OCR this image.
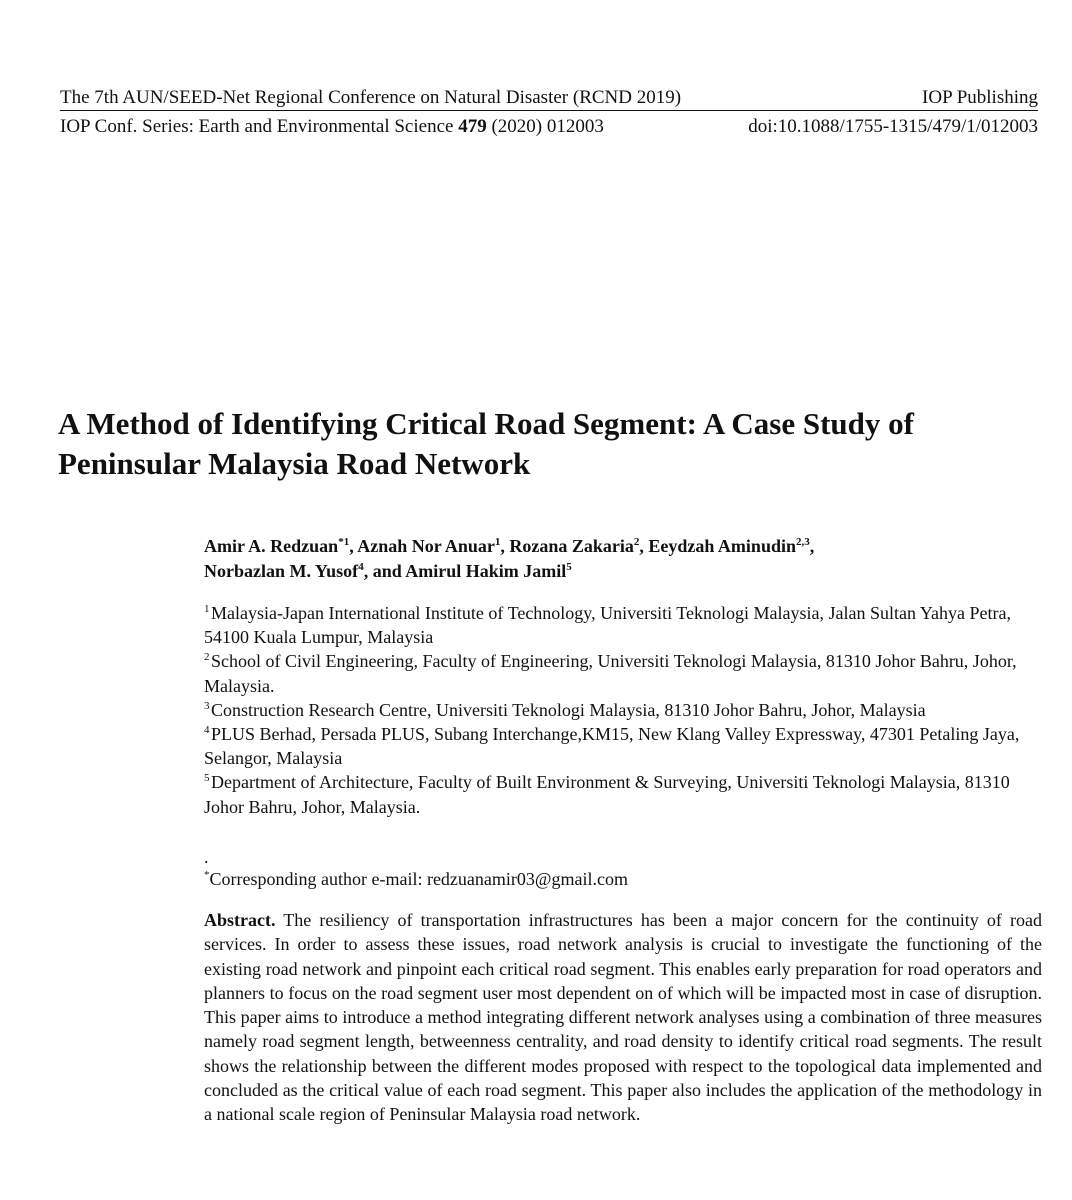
The 7th AUN/SEED-Net Regional Conference on Natural Disaster (RCND 2019)	IOP Publishing
IOP Conf. Series: Earth and Environmental Science 479 (2020) 012003	doi:10.1088/1755-1315/479/1/012003
A Method of Identifying Critical Road Segment: A Case Study of Peninsular Malaysia Road Network
Amir A. Redzuan$^{*1}$, Aznah Nor Anuar$^1$, Rozana Zakaria$^2$, Eeydzah Aminudin$^{2,3}$,
Norbazlan M. Yusof$^4$, and Amirul Hakim Jamil$^5$

$^1$ Malaysia-Japan International Institute of Technology, Universiti Teknologi Malaysia, Jalan Sultan Yahya Petra, 54100 Kuala Lumpur, Malaysia

$^2$ School of Civil Engineering, Faculty of Engineering, Universiti Teknologi Malaysia, 81310 Johor Bahru, Johor, Malaysia.

$^3$ Construction Research Centre, Universiti Teknologi Malaysia, 81310 Johor Bahru, Johor, Malaysia

$^4$ PLUS Berhad, Persada PLUS, Subang Interchange,KM15, New Klang Valley Expressway, 47301 Petaling Jaya, Selangor, Malaysia

$^5$ Department of Architecture, Faculty of Built Environment & Surveying, Universiti Teknologi Malaysia, 81310 Johor Bahru, Johor, Malaysia.

.
*Corresponding author e-mail: redzuanamir03@gmail.com

Abstract. The resiliency of transportation infrastructures has been a major concern for the continuity of road services. In order to assess these issues, road network analysis is crucial to investigate the functioning of the existing road network and pinpoint each critical road segment. This enables early preparation for road operators and planners to focus on the road segment user most dependent on of which will be impacted most in case of disruption. This paper aims to introduce a method integrating different network analyses using a combination of three measures namely road segment length, betweenness centrality, and road density to identify critical road segments. The result shows the relationship between the different modes proposed with respect to the topological data implemented and concluded as the critical value of each road segment. This paper also includes the application of the methodology in a national scale region of Peninsular Malaysia road network.
